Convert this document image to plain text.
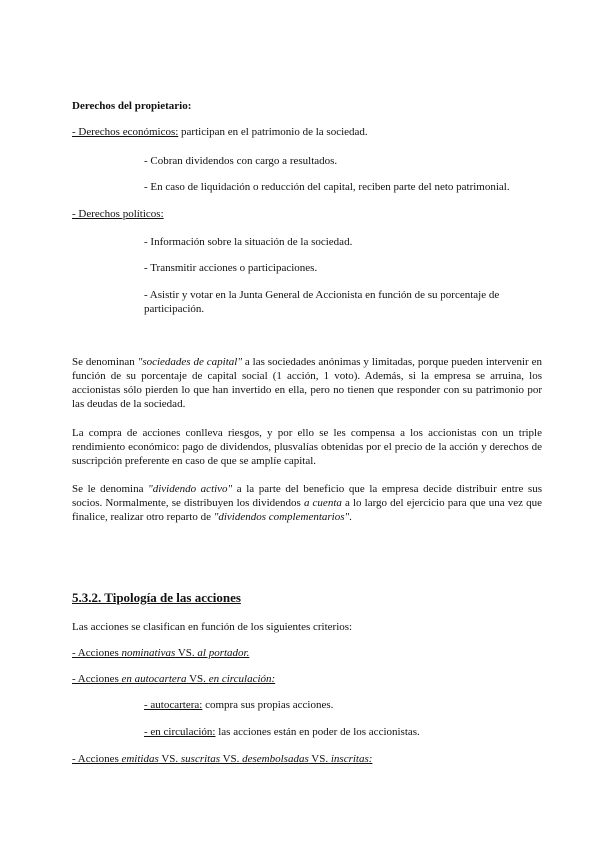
Derechos del propietario:
- Derechos económicos: participan en el patrimonio de la sociedad.
- Cobran dividendos con cargo a resultados.
- En caso de liquidación o reducción del capital, reciben parte del neto patrimonial.
- Derechos políticos:
- Información sobre la situación de la sociedad.
- Transmitir acciones o participaciones.
- Asistir y votar en la Junta General de Accionista en función de su porcentaje de participación.
Se denominan "sociedades de capital" a las sociedades anónimas y limitadas, porque pueden intervenir en función de su porcentaje de capital social (1 acción, 1 voto). Además, si la empresa se arruina, los accionistas sólo pierden lo que han invertido en ella, pero no tienen que responder con su patrimonio por las deudas de la sociedad.
La compra de acciones conlleva riesgos, y por ello se les compensa a los accionistas con un triple rendimiento económico: pago de dividendos, plusvalías obtenidas por el precio de la acción y derechos de suscripción preferente en caso de que se amplíe capital.
Se le denomina "dividendo activo" a la parte del beneficio que la empresa decide distribuir entre sus socios. Normalmente, se distribuyen los dividendos a cuenta a lo largo del ejercicio para que una vez que finalice, realizar otro reparto de "dividendos complementarios".
5.3.2. Tipología de las acciones
Las acciones se clasifican en función de los siguientes criterios:
- Acciones nominativas VS. al portador.
- Acciones en autocartera VS. en circulación:
- autocartera: compra sus propias acciones.
- en circulación: las acciones están en poder de los accionistas.
- Acciones emitidas VS. suscritas VS. desembolsadas VS. inscritas:
